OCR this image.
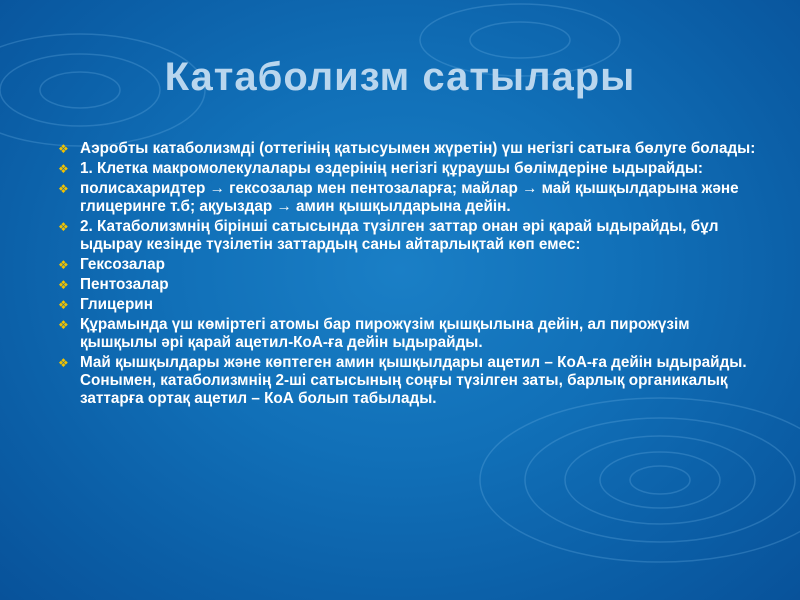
Катаболизм сатылары
❖ Аэробты катаболизмді (оттегінің қатысуымен жүретін) үш негізгі сатыға бөлуге болады:
❖ 1. Клетка макромолекулалары өздерінің негізгі құраушы бөлімдеріне ыдырайды:
❖ полисахаридтер → гексозалар мен пентозаларға; майлар → май қышқылдарына және глицеринге т.б; ақуыздар → амин қышқылдарына дейін.
❖ 2. Катаболизмнің бірінші сатысында түзілген заттар онан әрі қарай ыдырайды, бұл ыдырау кезінде түзілетін заттардың саны айтарлықтай көп емес:
❖ Гексозалар
❖ Пентозалар
❖ Глицерин
❖ Құрамында үш көміртегі атомы бар пирожүзім қышқылына дейін, ал пирожүзім қышқылы әрі қарай ацетил-КоА-ға дейін ыдырайды.
❖ Май қышқылдары және көптеген амин қышқылдары ацетил – КоА-ға дейін ыдырайды. Сонымен, катаболизмнің 2-ші сатысының соңғы түзілген заты, барлық органикалық заттарға ортақ ацетил – КоА болып табылады.
